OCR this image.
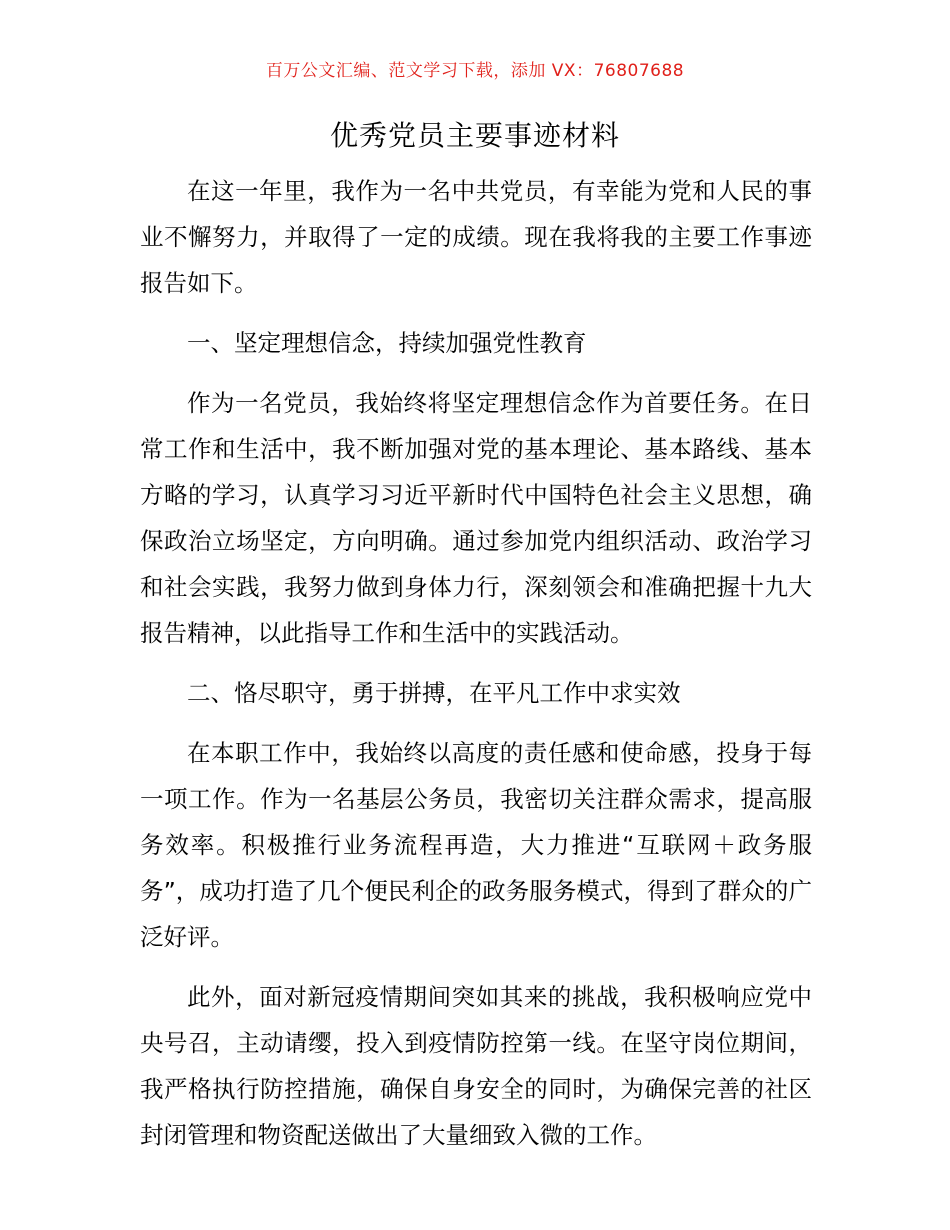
百万公文汇编、范文学习下载，添加 VX：76807688
优秀党员主要事迹材料

在这一年里，我作为一名中共党员，有幸能为党和人民的事业不懈努力，并取得了一定的成绩。现在我将我的主要工作事迹报告如下。

一、坚定理想信念，持续加强党性教育

作为一名党员，我始终将坚定理想信念作为首要任务。在日常工作和生活中，我不断加强对党的基本理论、基本路线、基本方略的学习，认真学习习近平新时代中国特色社会主义思想，确保政治立场坚定，方向明确。通过参加党内组织活动、政治学习和社会实践，我努力做到身体力行，深刻领会和准确把握十九大报告精神，以此指导工作和生活中的实践活动。

二、恪尽职守，勇于拼搏，在平凡工作中求实效

在本职工作中，我始终以高度的责任感和使命感，投身于每一项工作。作为一名基层公务员，我密切关注群众需求，提高服务效率。积极推行业务流程再造，大力推进“互联网＋政务服务”，成功打造了几个便民利企的政务服务模式，得到了群众的广泛好评。

此外，面对新冠疫情期间突如其来的挑战，我积极响应党中央号召，主动请缨，投入到疫情防控第一线。在坚守岗位期间，我严格执行防控措施，确保自身安全的同时，为确保完善的社区封闭管理和物资配送做出了大量细致入微的工作。
